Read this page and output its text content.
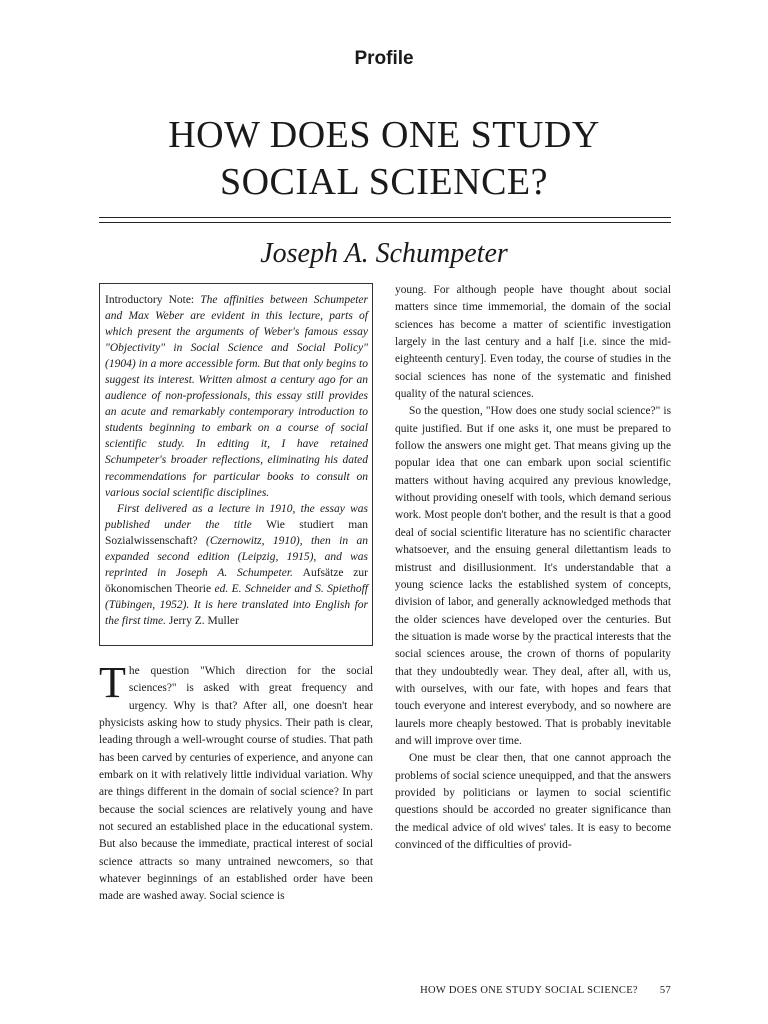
Profile
HOW DOES ONE STUDY
SOCIAL SCIENCE?
Joseph A. Schumpeter

Introductory Note: The affinities between Schumpeter and Max Weber are evident in this lecture, parts of which present the arguments of Weber's famous essay "Objectivity" in Social Science and Social Policy" (1904) in a more accessible form. But that only begins to suggest its interest. Written almost a century ago for an audience of non-professionals, this essay still provides an acute and remarkably contemporary introduction to students beginning to embark on a course of social scientific study. In editing it, I have retained Schumpeter's broader reflections, eliminating his dated recommendations for particular books to consult on various social scientific disciplines.

First delivered as a lecture in 1910, the essay was published under the title Wie studiert man Sozialwissenschaft? (Czernowitz, 1910), then in an expanded second edition (Leipzig, 1915), and was reprinted in Joseph A. Schumpeter. Aufsätze zur ökonomischen Theorie ed. E. Schneider and S. Spiethoff (Tübingen, 1952). It is here translated into English for the first time. Jerry Z. Muller

The question "Which direction for the social sciences?" is asked with great frequency and urgency. Why is that? After all, one doesn't hear physicists asking how to study physics. Their path is clear, leading through a well-wrought course of studies. That path has been carved by centuries of experience, and anyone can embark on it with relatively little individual variation. Why are things different in the domain of social science? In part because the social sciences are relatively young and have not secured an established place in the educational system. But also because the immediate, practical interest of social science attracts so many untrained newcomers, so that whatever beginnings of an established order have been made are washed away. Social science is

young. For although people have thought about social matters since time immemorial, the domain of the social sciences has become a matter of scientific investigation largely in the last century and a half [i.e. since the mid-eighteenth century]. Even today, the course of studies in the social sciences has none of the systematic and finished quality of the natural sciences.

So the question, "How does one study social science?" is quite justified. But if one asks it, one must be prepared to follow the answers one might get. That means giving up the popular idea that one can embark upon social scientific matters without having acquired any previous knowledge, without providing oneself with tools, which demand serious work. Most people don't bother, and the result is that a good deal of social scientific literature has no scientific character whatsoever, and the ensuing general dilettantism leads to mistrust and disillusionment. It's understandable that a young science lacks the established system of concepts, division of labor, and generally acknowledged methods that the older sciences have developed over the centuries. But the situation is made worse by the practical interests that the social sciences arouse, the crown of thorns of popularity that they undoubtedly wear. They deal, after all, with us, with ourselves, with our fate, with hopes and fears that touch everyone and interest everybody, and so nowhere are laurels more cheaply bestowed. That is probably inevitable and will improve over time.

One must be clear then, that one cannot approach the problems of social science unequipped, and that the answers provided by politicians or laymen to social scientific questions should be accorded no greater significance than the medical advice of old wives' tales. It is easy to become convinced of the difficulties of provid-

HOW DOES ONE STUDY SOCIAL SCIENCE? 57
